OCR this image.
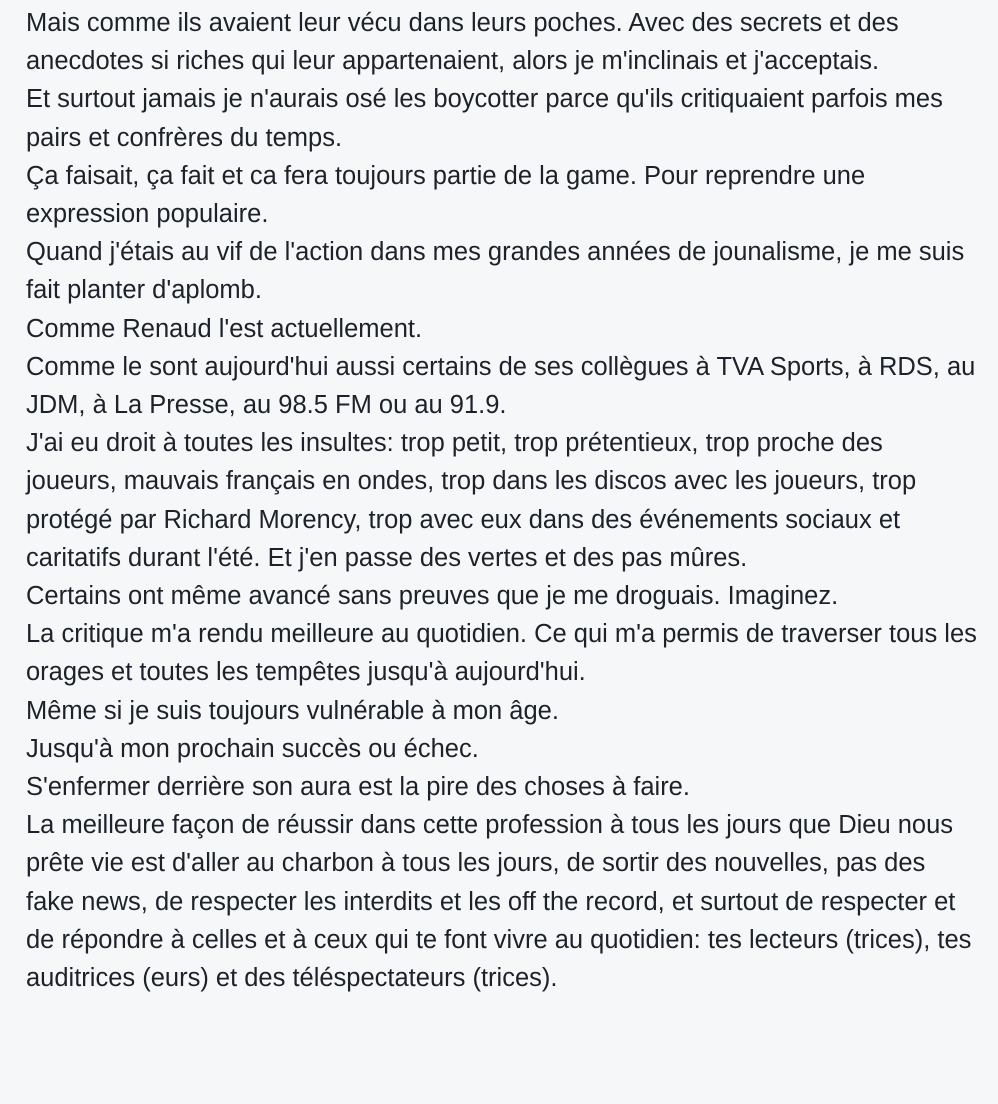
Mais comme ils avaient leur vécu dans leurs poches. Avec des secrets et des anecdotes si riches qui leur appartenaient, alors je m'inclinais et j'acceptais.

Et surtout jamais je n'aurais osé les boycotter parce qu'ils critiquaient parfois mes pairs et confrères du temps.

Ça faisait, ça fait et ca fera toujours partie de la game. Pour reprendre une expression populaire.

Quand j'étais au vif de l'action dans mes grandes années de jounalisme, je me suis fait planter d'aplomb.

Comme Renaud l'est actuellement.

Comme le sont aujourd'hui aussi certains de ses collègues à TVA Sports, à RDS, au JDM, à La Presse, au 98.5 FM ou au 91.9.

J'ai eu droit à toutes les insultes: trop petit, trop prétentieux, trop proche des joueurs, mauvais français en ondes, trop dans les discos avec les joueurs, trop protégé par Richard Morency, trop avec eux dans des événements sociaux et caritatifs durant l'été. Et j'en passe des vertes et des pas mûres.

Certains ont même avancé sans preuves que je me droguais. Imaginez.

La critique m'a rendu meilleure au quotidien. Ce qui m'a permis de traverser tous les orages et toutes les tempêtes jusqu'à aujourd'hui.

Même si je suis toujours vulnérable à mon âge.

Jusqu'à mon prochain succès ou échec.

S'enfermer derrière son aura est la pire des choses à faire.

La meilleure façon de réussir dans cette profession à tous les jours que Dieu nous prête vie est d'aller au charbon à tous les jours, de sortir des nouvelles, pas des fake news, de respecter les interdits et les off the record, et surtout de respecter et de répondre à celles et à ceux qui te font vivre au quotidien: tes lecteurs (trices), tes auditrices (eurs) et des téléspectateurs (trices).
